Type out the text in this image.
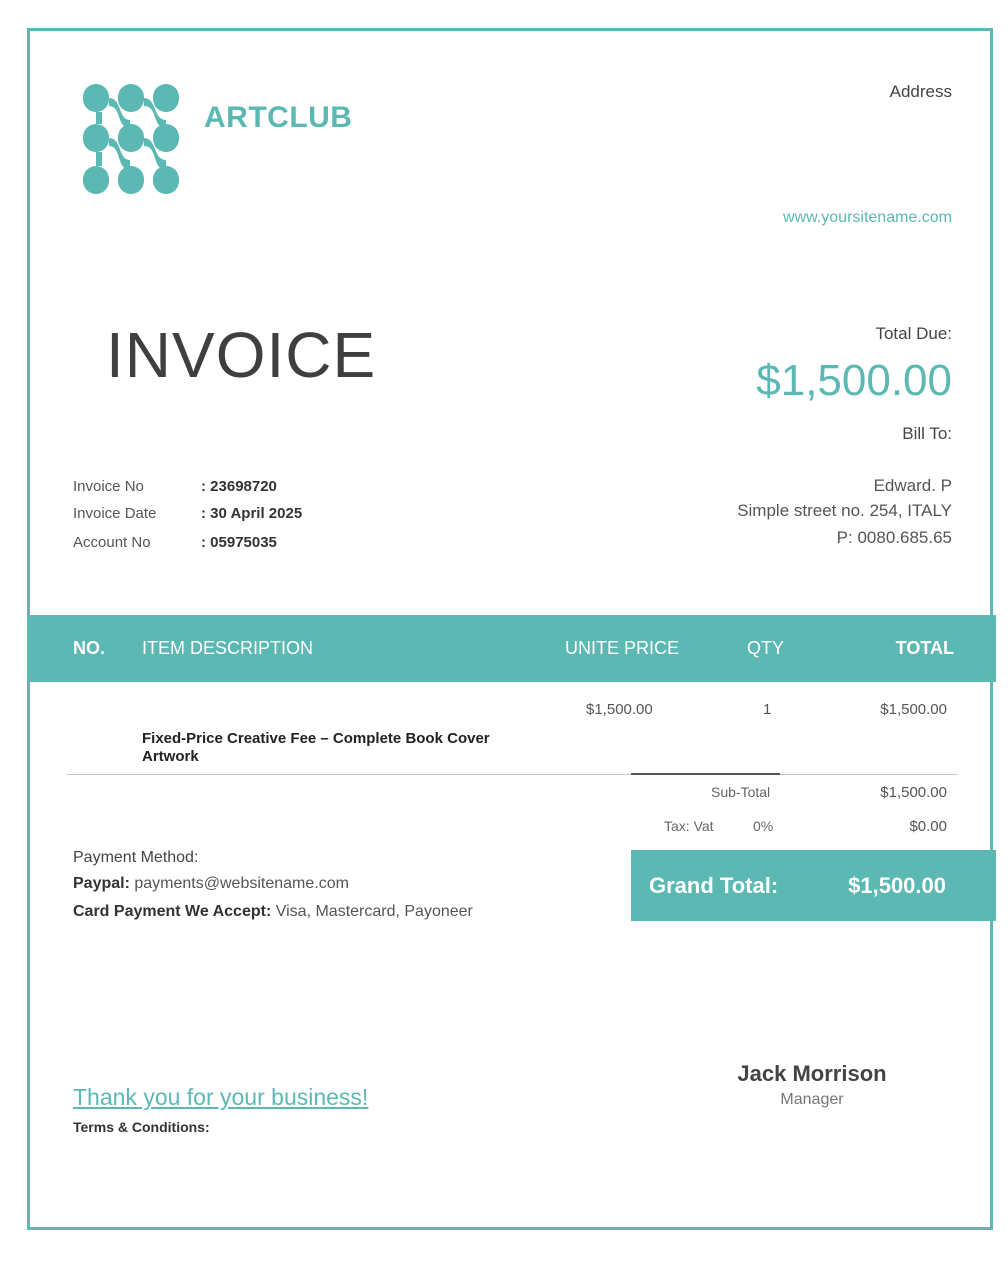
ARTCLUB
Address
www.yoursitename.com
INVOICE	Total Due:
$1,500.00
Bill To:
Edward. P
Simple street no. 254, ITALY
P: 0080.685.65
Invoice No	: 23698720
Invoice Date	: 30 April 2025
Account No	: 05975035
NO. ITEM DESCRIPTION	UNITE PRICE	QTY	TOTAL
$1,500.00	1	$1,500.00
Fixed-Price Creative Fee – Complete Book Cover Artwork
Sub-Total	$1,500.00
Tax: Vat	0%	$0.00
Grand Total:	$1,500.00
Payment Method:
Paypal: payments@websitename.com
Card Payment We Accept: Visa, Mastercard, Payoneer
Thank you for your business!
Terms & Conditions:
Jack Morrison
Manager
